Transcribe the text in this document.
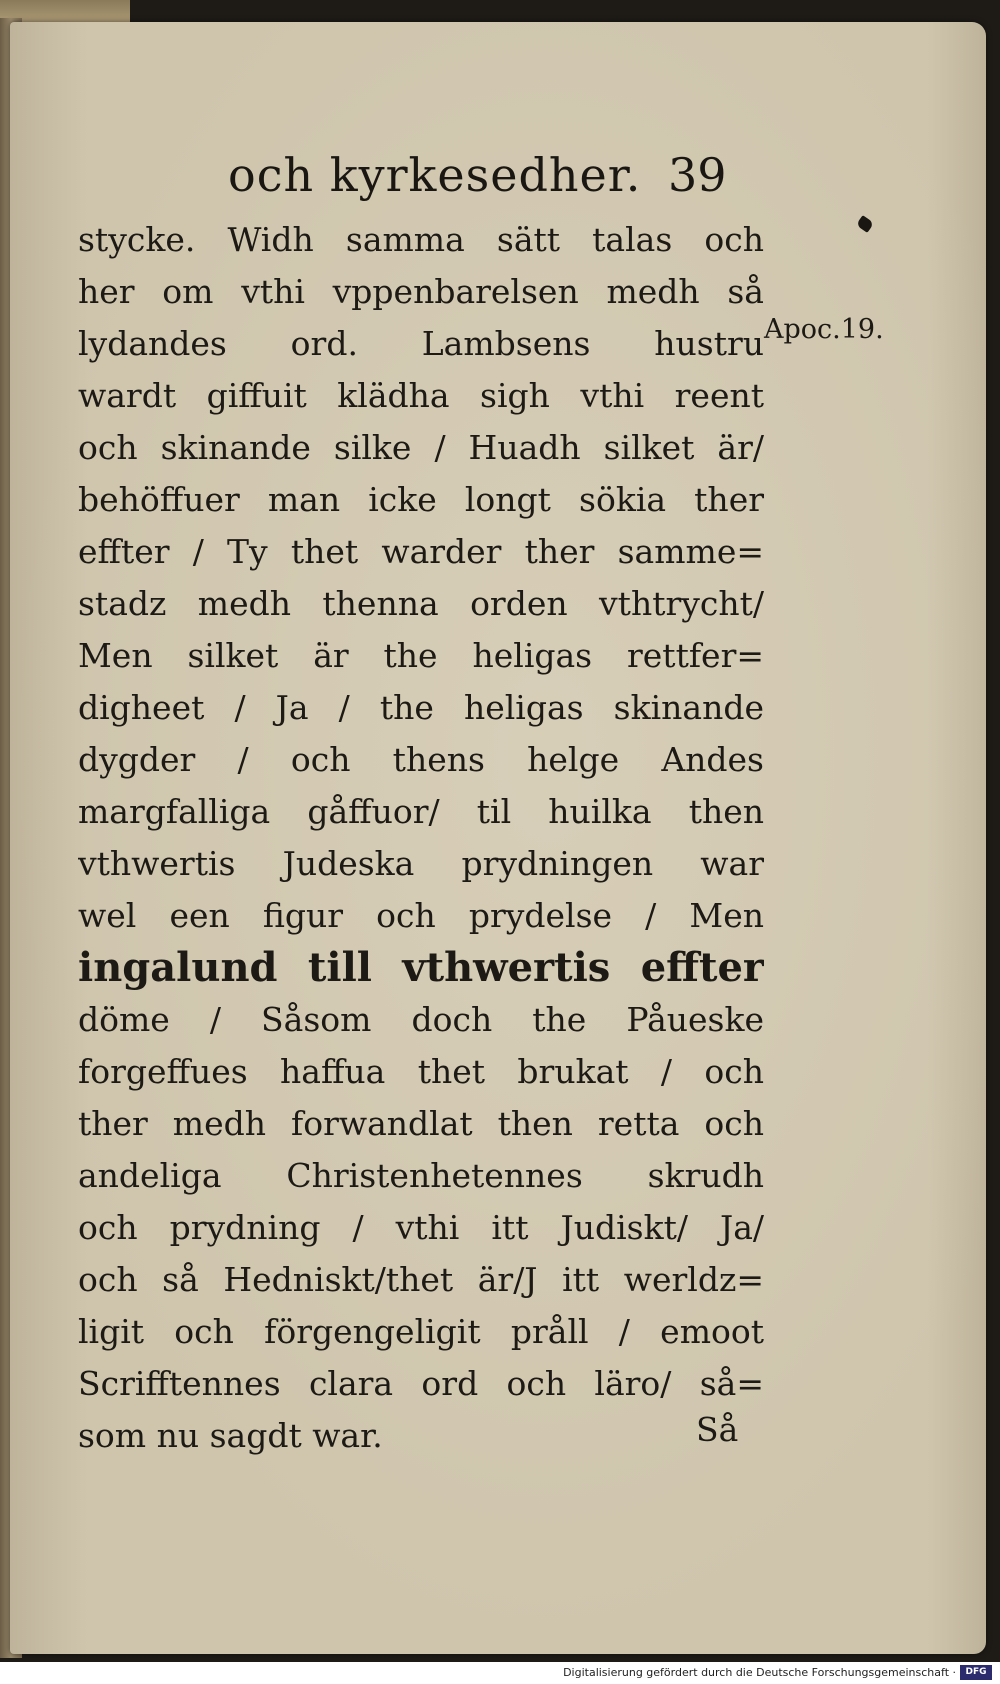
och kyrkesedher. 39
Apoc.19.
stycke. Widh samma sätt talas och
her om vthi vppenbarelsen medh så
lydandes ord. Lambsens hustru
wardt giffuit klädha sigh vthi reent
och skinande silke / Huadh silket är/
behöffuer man icke longt sökia ther
effter / Ty thet warder ther samme=
stadz medh thenna orden vthtrycht/
Men silket är the heligas rettfer=
digheet / Ja / the heligas skinande
dygder / och thens helge Andes
margfalliga gåffuor/ til huilka then
vthwertis Judeska prydningen war
wel een figur och prydelse / Men
ingalund till vthwertis effter
döme / Såsom doch the Påueske
forgeffues haffua thet brukat / och
ther medh forwandlat then retta och
andeliga Christenhetennes skrudh
och prydning / vthi itt Judiskt/ Ja/
och så Hedniskt/thet är/J itt werldz=
ligit och förgengeligit pråll / emoot
Scrifftennes clara ord och läro/ så=
som nu sagdt war.	Så
Digitalisierung gefördert durch die Deutsche Forschungsgemeinschaft ·	DFG
